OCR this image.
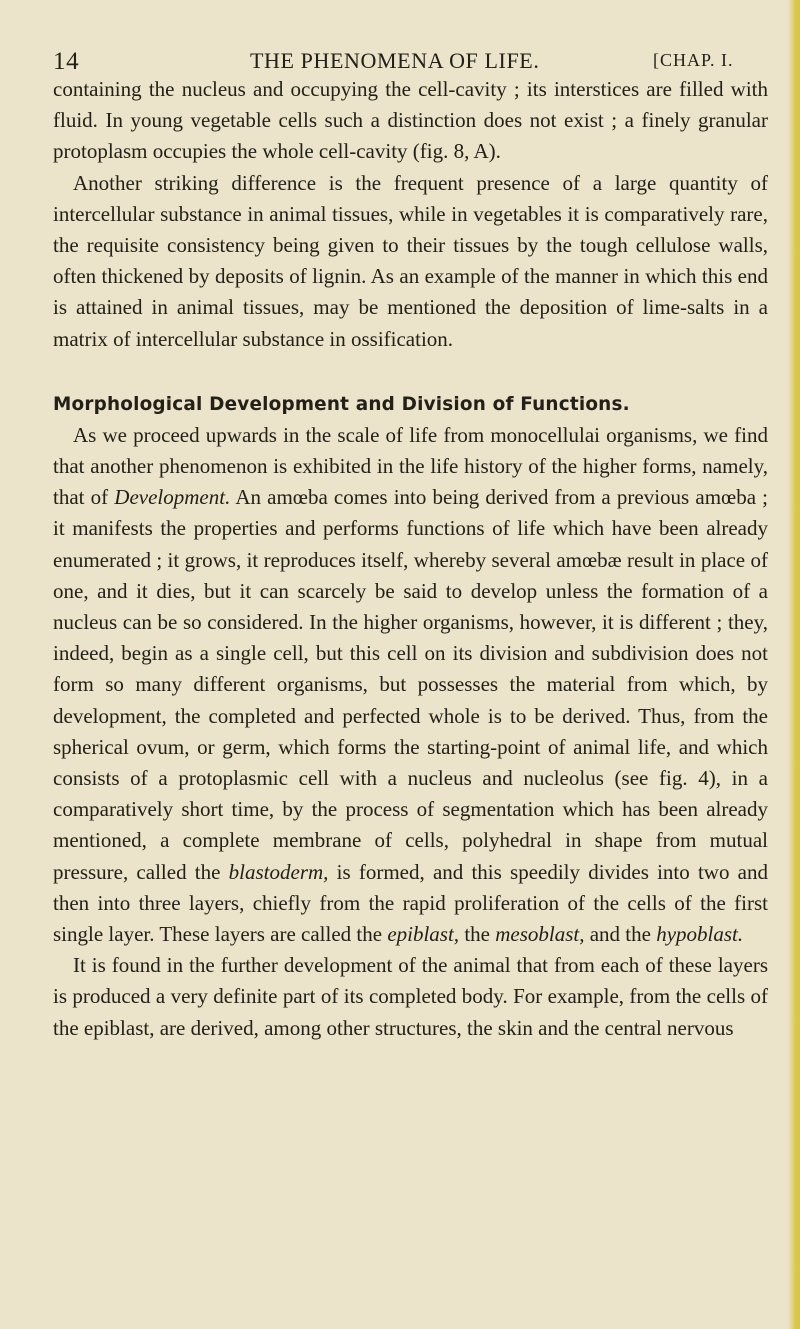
14	THE PHENOMENA OF LIFE.	[CHAP. I.

containing the nucleus and occupying the cell-cavity ; its interstices are filled with fluid. In young vegetable cells such a distinction does not exist ; a finely granular protoplasm occupies the whole cell-cavity (fig. 8, A).

Another striking difference is the frequent presence of a large quantity of intercellular substance in animal tissues, while in vegetables it is comparatively rare, the requisite consistency being given to their tissues by the tough cellulose walls, often thickened by deposits of lignin. As an example of the manner in which this end is attained in animal tissues, may be mentioned the deposition of lime-salts in a matrix of intercellular substance in ossification.

Morphological Development and Division of Functions.

As we proceed upwards in the scale of life from monocellulai organisms, we find that another phenomenon is exhibited in the life history of the higher forms, namely, that of Development. An amœba comes into being derived from a previous amœba ; it manifests the properties and performs functions of life which have been already enumerated ; it grows, it reproduces itself, whereby several amœbæ result in place of one, and it dies, but it can scarcely be said to develop unless the formation of a nucleus can be so considered. In the higher organisms, however, it is different ; they, indeed, begin as a single cell, but this cell on its division and subdivision does not form so many different organisms, but possesses the material from which, by development, the completed and perfected whole is to be derived. Thus, from the spherical ovum, or germ, which forms the starting-point of animal life, and which consists of a protoplasmic cell with a nucleus and nucleolus (see fig. 4), in a comparatively short time, by the process of segmentation which has been already mentioned, a complete membrane of cells, polyhedral in shape from mutual pressure, called the blastoderm, is formed, and this speedily divides into two and then into three layers, chiefly from the rapid proliferation of the cells of the first single layer. These layers are called the epiblast, the mesoblast, and the hypoblast.

It is found in the further development of the animal that from each of these layers is produced a very definite part of its completed body. For example, from the cells of the epiblast, are derived, among other structures, the skin and the central nervous
